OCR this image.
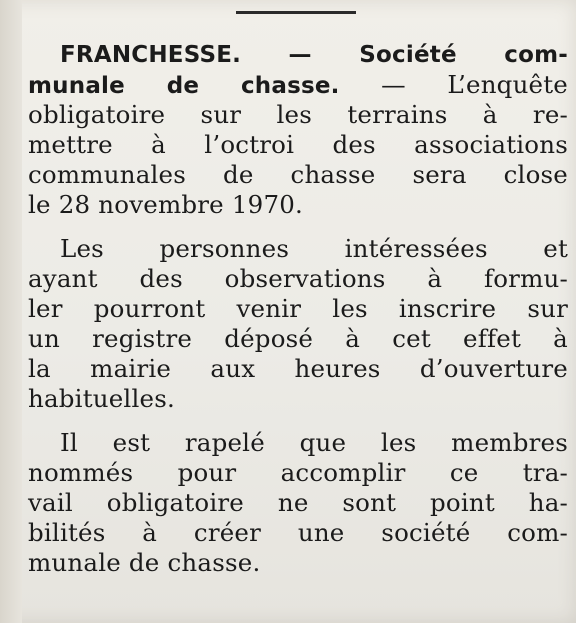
FRANCHESSE. — Société com-
munale de chasse. — L’enquête
obligatoire sur les terrains à re-
mettre à l’octroi des associations
communales de chasse sera close
le 28 novembre 1970.
Les personnes intéressées et
ayant des observations à formu-
ler pourront venir les inscrire sur
un registre déposé à cet effet à
la mairie aux heures d’ouverture
habituelles.
Il est rapelé que les membres
nommés pour accomplir ce tra-
vail obligatoire ne sont point ha-
bilités à créer une société com-
munale de chasse.
